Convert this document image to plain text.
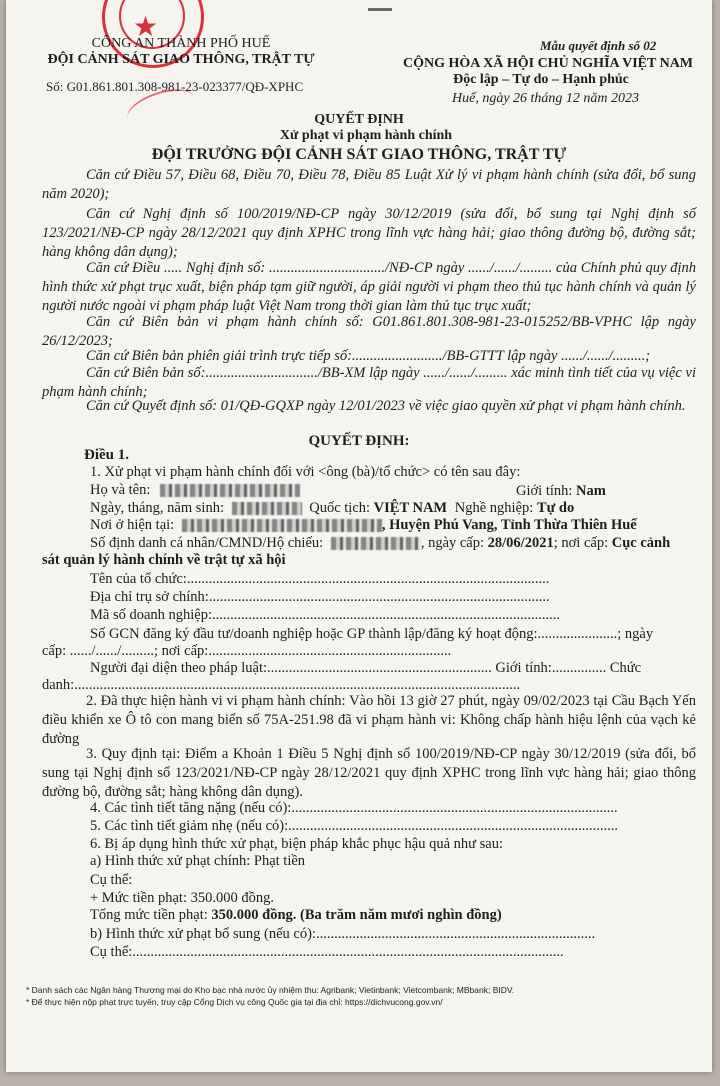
★
CÔNG AN THÀNH PHỐ HUẾ
ĐỘI CẢNH SÁT GIAO THÔNG, TRẬT TỰ
Số: G01.861.801.308-981-23-023377/QĐ-XPHC
Mẫu quyết định số 02
CỘNG HÒA XÃ HỘI CHỦ NGHĨA VIỆT NAM
Độc lập – Tự do – Hạnh phúc
Huế, ngày 26 tháng 12 năm 2023
QUYẾT ĐỊNH
Xử phạt vi phạm hành chính
ĐỘI TRƯỞNG ĐỘI CẢNH SÁT GIAO THÔNG, TRẬT TỰ
Căn cứ Điều 57, Điều 68, Điều 70, Điều 78, Điều 85 Luật Xử lý vi phạm hành chính (sửa đổi, bổ sung năm 2020);
Căn cứ Nghị định số 100/2019/NĐ-CP ngày 30/12/2019 (sửa đổi, bổ sung tại Nghị định số 123/2021/NĐ-CP ngày 28/12/2021 quy định XPHC trong lĩnh vực hàng hải; giao thông đường bộ, đường sắt; hàng không dân dụng);
Căn cứ Điều ..... Nghị định số: ................................/NĐ-CP ngày ....../....../......... của Chính phủ quy định hình thức xử phạt trục xuất, biện pháp tạm giữ người, áp giải người vi phạm theo thủ tục hành chính và quản lý người nước ngoài vi phạm pháp luật Việt Nam trong thời gian làm thủ tục trục xuất;
Căn cứ Biên bản vi phạm hành chính số: G01.861.801.308-981-23-015252/BB-VPHC lập ngày 26/12/2023;
Căn cứ Biên bản phiên giải trình trực tiếp số:........................./BB-GTTT lập ngày ....../....../.........;
Căn cứ Biên bản số:.............................../BB-XM lập ngày ....../....../......... xác minh tình tiết của vụ việc vi phạm hành chính;
Căn cứ Quyết định số: 01/QĐ-GQXP ngày 12/01/2023 về việc giao quyền xử phạt vi phạm hành chính.
QUYẾT ĐỊNH:
Điều 1.
1. Xử phạt vi phạm hành chính đối với <ông (bà)/tổ chức> có tên sau đây:
Họ và tên:	Giới tính: Nam
Ngày, tháng, năm sinh:	Quốc tịch: VIỆT NAM Nghề nghiệp: Tự do
Nơi ở hiện tại:	, Huyện Phú Vang, Tỉnh Thừa Thiên Huế
Số định danh cá nhân/CMND/Hộ chiếu:	, ngày cấp: 28/06/2021; nơi cấp: Cục cảnh
sát quản lý hành chính về trật tự xã hội
Tên của tổ chức:....................................................................................................
Địa chỉ trụ sở chính:..............................................................................................
Mã số doanh nghiệp:................................................................................................
Số GCN đăng ký đầu tư/doanh nghiệp hoặc GP thành lập/đăng ký hoạt động:......................; ngày
cấp: ....../....../.........; nơi cấp:...................................................................
Người đại diện theo pháp luật:.............................................................. Giới tính:............... Chức
danh:...........................................................................................................................
2. Đã thực hiện hành vi vi phạm hành chính: Vào hồi 13 giờ 27 phút, ngày 09/02/2023 tại Cầu Bạch Yến điều khiển xe Ô tô con mang biển số 75A-251.98 đã vi phạm hành vi: Không chấp hành hiệu lệnh của vạch kẻ đường
3. Quy định tại: Điểm a Khoản 1 Điều 5 Nghị định số 100/2019/NĐ-CP ngày 30/12/2019 (sửa đổi, bổ sung tại Nghị định số 123/2021/NĐ-CP ngày 28/12/2021 quy định XPHC trong lĩnh vực hàng hải; giao thông đường bộ, đường sắt; hàng không dân dụng).
4. Các tình tiết tăng nặng (nếu có):..........................................................................................
5. Các tình tiết giảm nhẹ (nếu có):...........................................................................................
6. Bị áp dụng hình thức xử phạt, biện pháp khắc phục hậu quả như sau:
a) Hình thức xử phạt chính: Phạt tiền
Cụ thể:
+ Mức tiền phạt: 350.000 đồng.
Tổng mức tiền phạt: 350.000 đồng. (Ba trăm năm mươi nghìn đồng)
b) Hình thức xử phạt bổ sung (nếu có):.............................................................................
Cụ thể:.......................................................................................................................
* Danh sách các Ngân hàng Thương mại do Kho bạc nhà nước ủy nhiệm thu: Agribank; Vietinbank; Vietcombank; MBbank; BIDV.
* Để thực hiện nộp phạt trực tuyến, truy cập Cổng Dịch vụ công Quốc gia tại địa chỉ: https://dichvucong.gov.vn/
